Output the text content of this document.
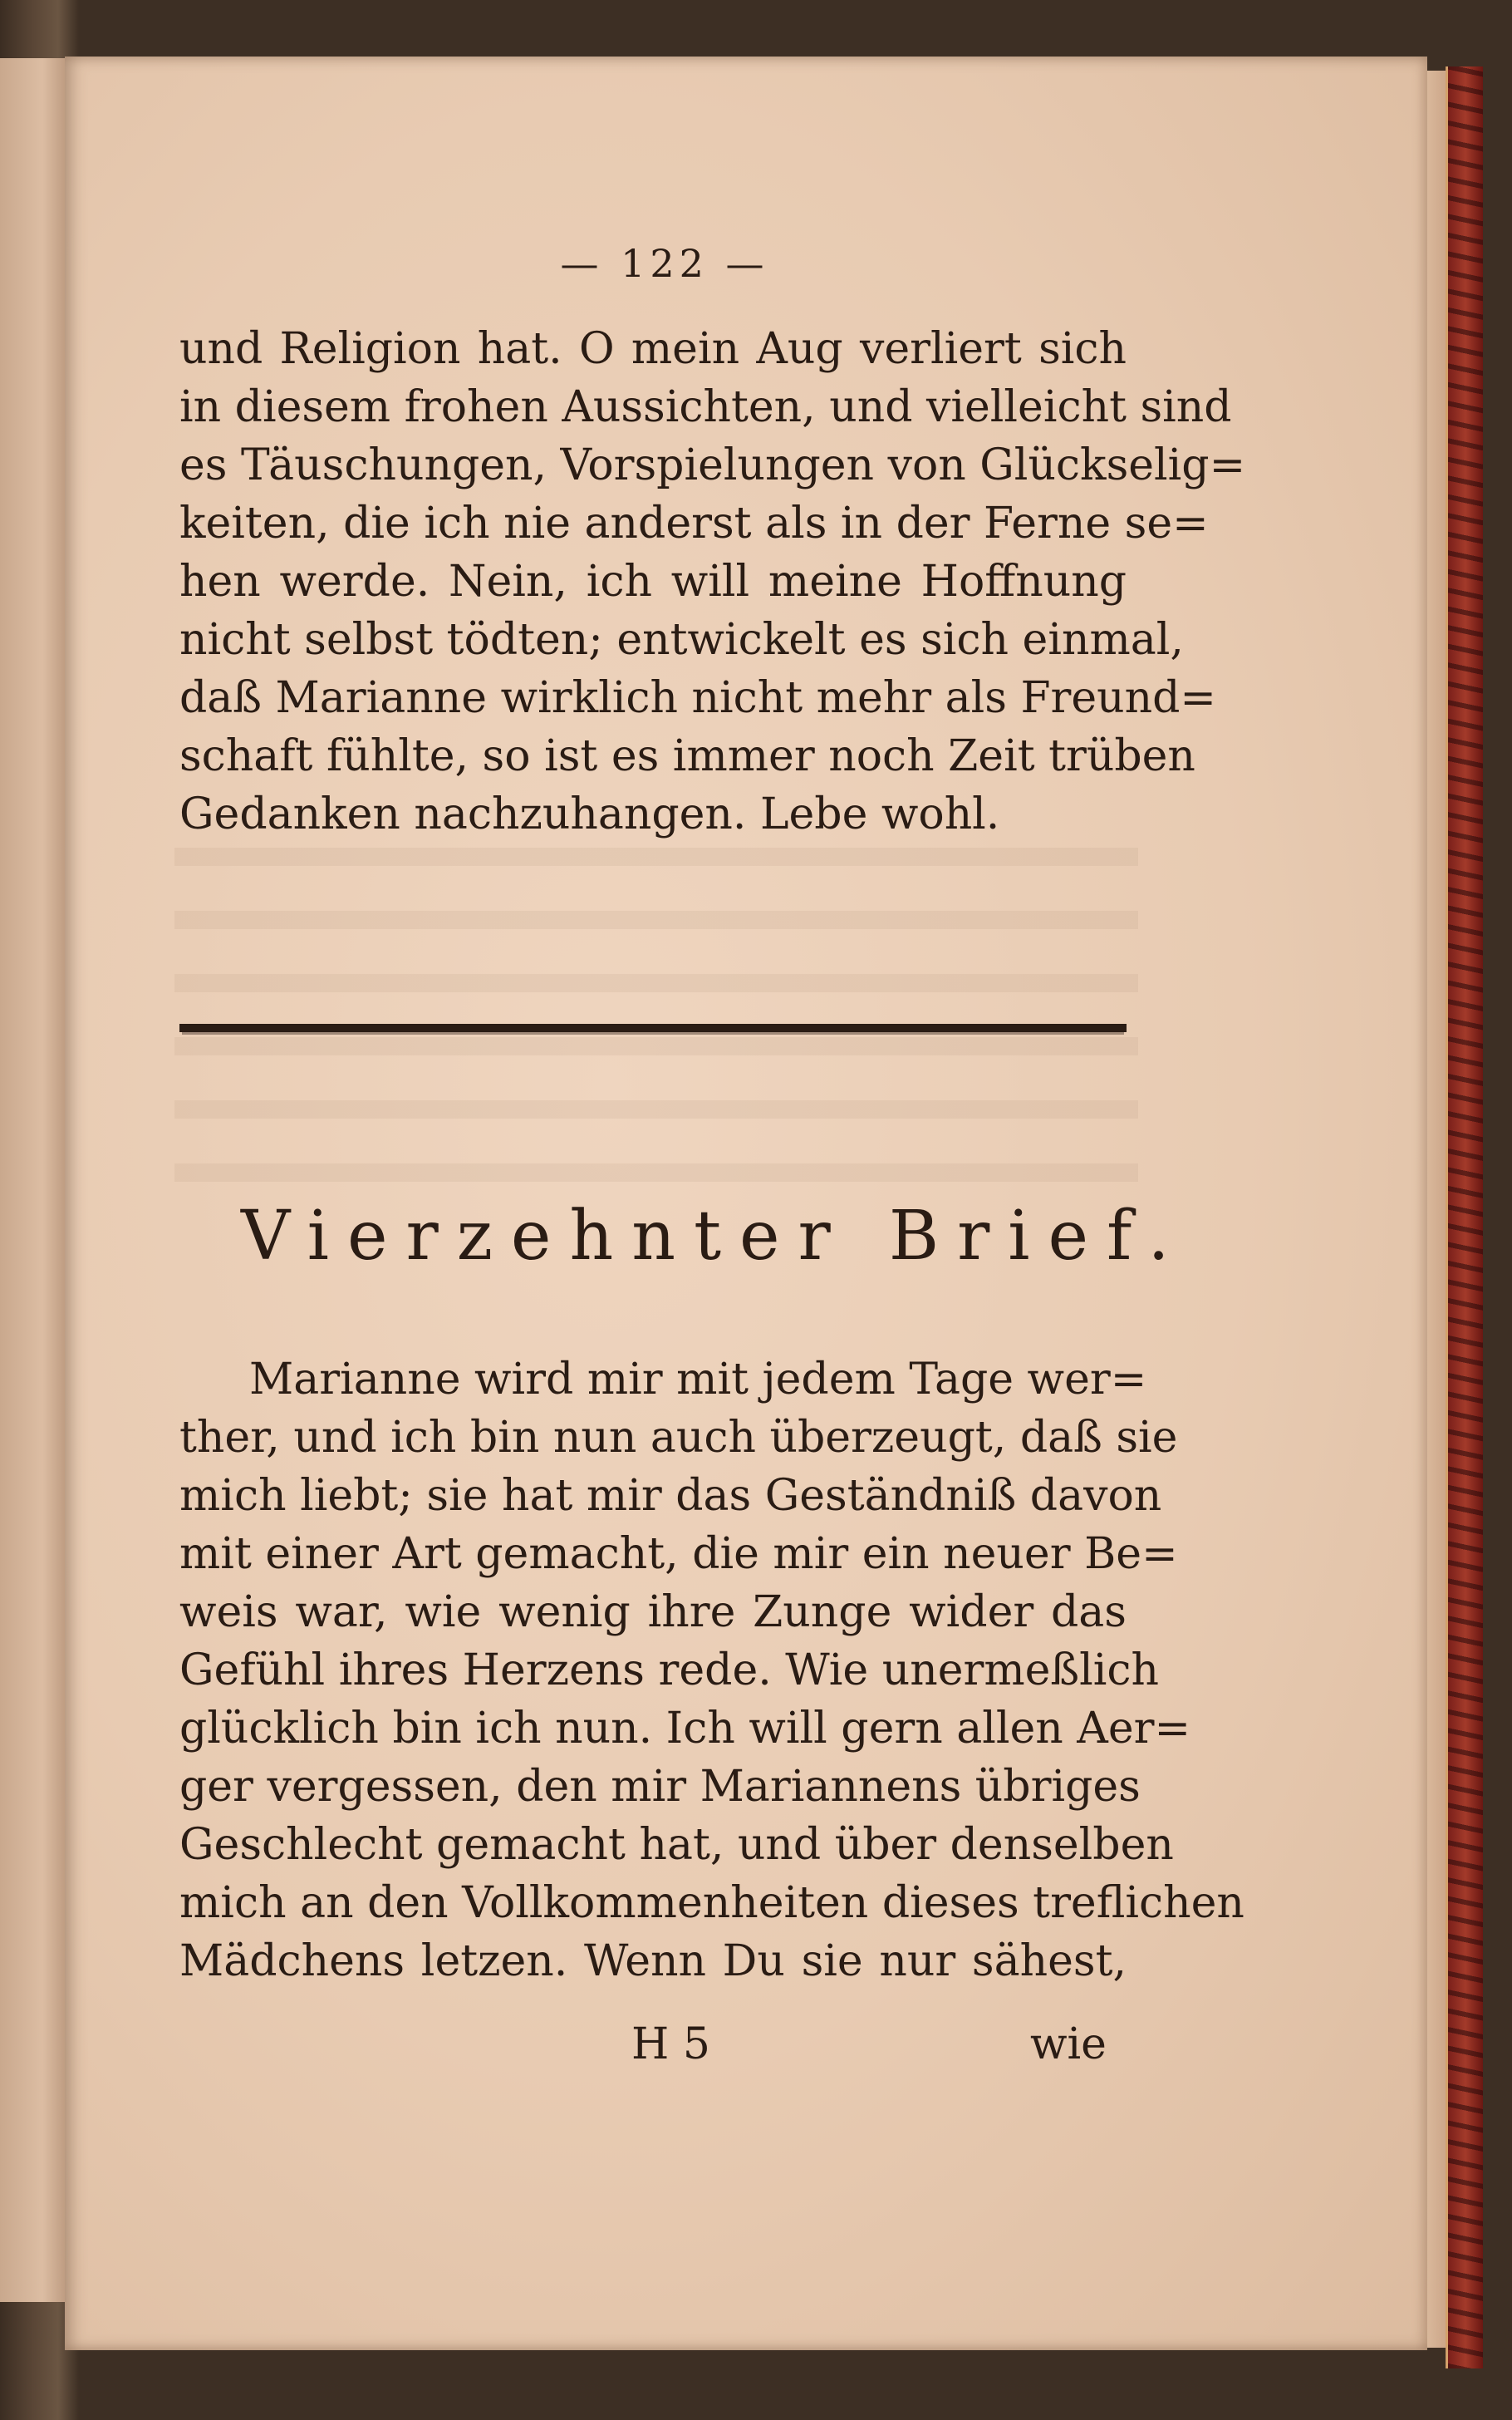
— 122 —
und Religion hat. O mein Aug verliert sich
in diesem frohen Aussichten, und vielleicht sind
es Täuschungen, Vorspielungen von Glückselig=
keiten, die ich nie anderst als in der Ferne se=
hen werde. Nein, ich will meine Hoffnung
nicht selbst tödten; entwickelt es sich einmal,
daß Marianne wirklich nicht mehr als Freund=
schaft fühlte, so ist es immer noch Zeit trüben
Gedanken nachzuhangen. Lebe wohl.
Vierzehnter Brief.
Marianne wird mir mit jedem Tage wer=
ther, und ich bin nun auch überzeugt, daß sie
mich liebt; sie hat mir das Geständniß davon
mit einer Art gemacht, die mir ein neuer Be=
weis war, wie wenig ihre Zunge wider das
Gefühl ihres Herzens rede. Wie unermeßlich
glücklich bin ich nun. Ich will gern allen Aer=
ger vergessen, den mir Mariannens übriges
Geschlecht gemacht hat, und über denselben
mich an den Vollkommenheiten dieses treflichen
Mädchens letzen. Wenn Du sie nur sähest,
H 5	wie
